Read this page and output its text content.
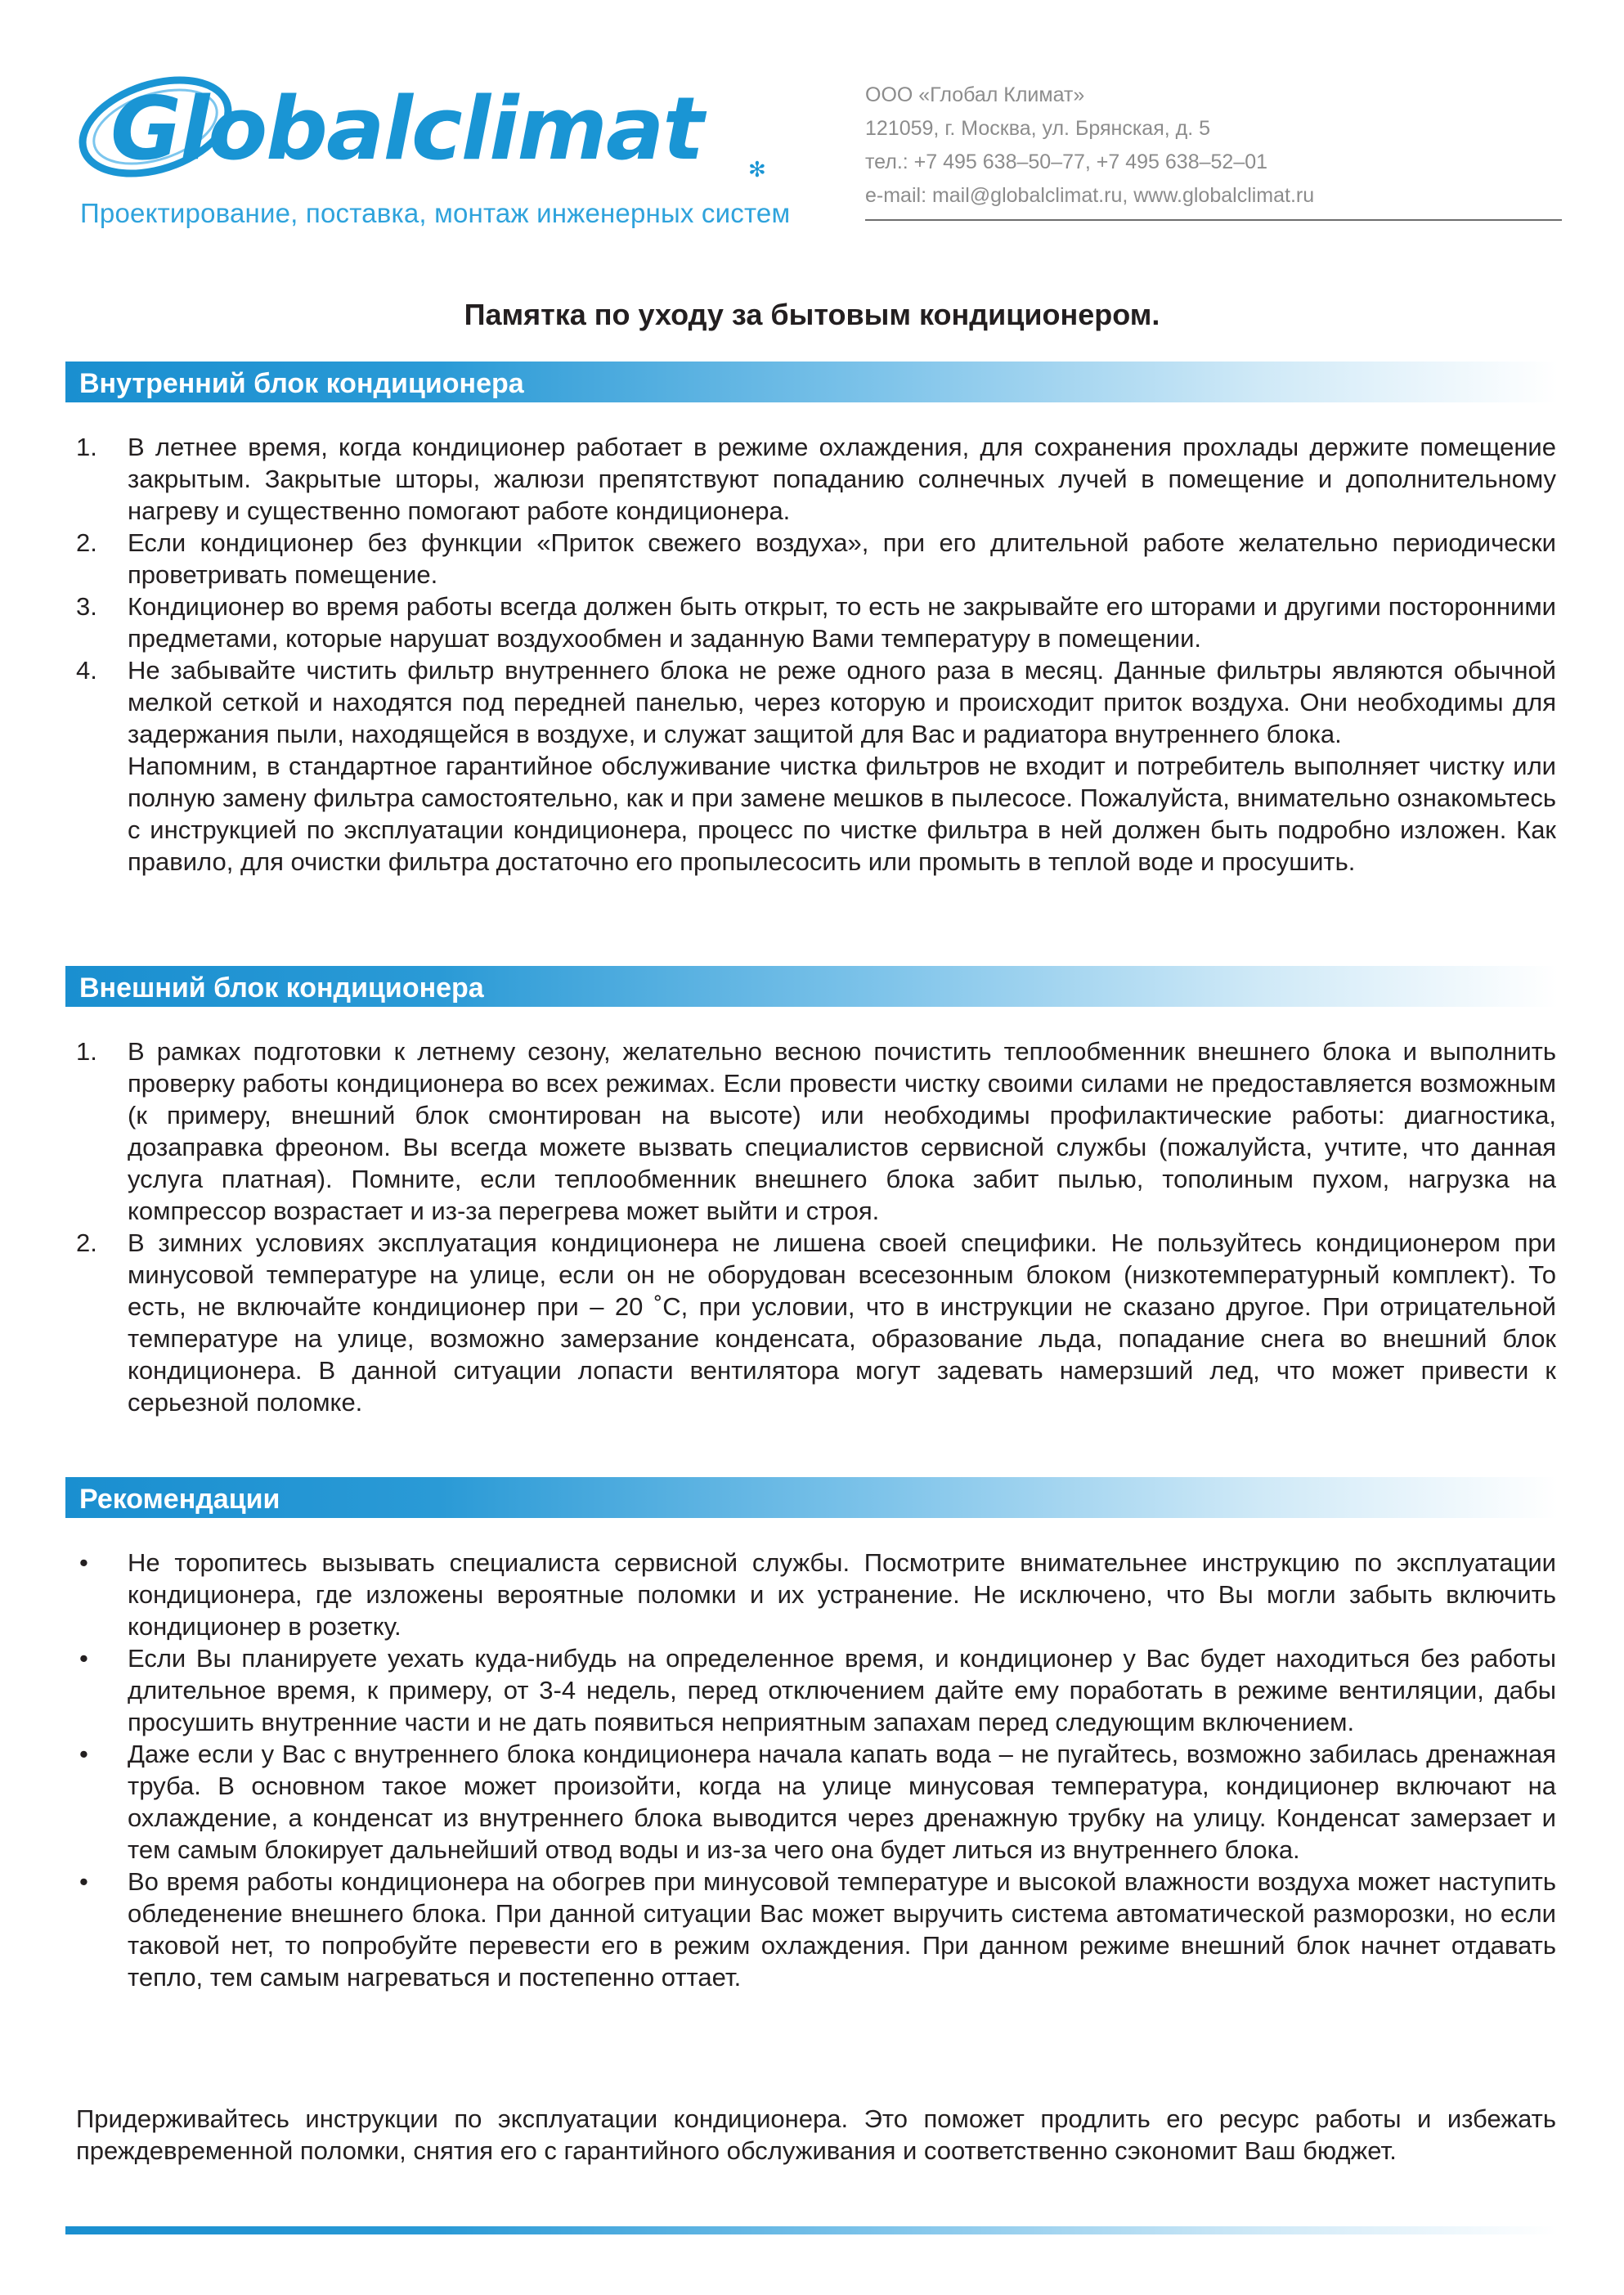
Globalclimat ✻
Проектирование, поставка, монтаж инженерных систем
ООО «Глобал Климат»
121059, г. Москва, ул. Брянская, д. 5
тел.: +7 495 638–50–77, +7 495 638–52–01
e-mail: mail@globalclimat.ru, www.globalclimat.ru
Памятка по уходу за бытовым кондиционером.
Внутренний блок кондиционера
1. В летнее время, когда кондиционер работает в режиме охлаждения, для сохранения прохлады держите помещение закрытым. Закрытые шторы, жалюзи препятствуют попаданию солнечных лучей в помещение и дополнительному нагреву и существенно помогают работе кондиционера.
2. Если кондиционер без функции «Приток свежего воздуха», при его длительной работе желательно периодически проветривать помещение.
3. Кондиционер во время работы всегда должен быть открыт, то есть не закрывайте его шторами и другими посторонними предметами, которые нарушат воздухообмен и заданную Вами температуру в помещении.
4. Не забывайте чистить фильтр внутреннего блока не реже одного раза в месяц. Данные фильтры являются обычной мелкой сеткой и находятся под передней панелью, через которую и происходит приток воздуха. Они необходимы для задержания пыли, находящейся в воздухе, и служат защитой для Вас и радиатора внутреннего блока.
Напомним, в стандартное гарантийное обслуживание чистка фильтров не входит и потребитель выполняет чистку или полную замену фильтра самостоятельно, как и при замене мешков в пылесосе. Пожалуйста, внимательно ознакомьтесь с инструкцией по эксплуатации кондиционера, процесс по чистке фильтра в ней должен быть подробно изложен. Как правило, для очистки фильтра достаточно его пропылесосить или промыть в теплой воде и просушить.
Внешний блок кондиционера
1. В рамках подготовки к летнему сезону, желательно весною почистить теплообменник внешнего блока и выполнить проверку работы кондиционера во всех режимах. Если провести чистку своими силами не предоставляется возможным (к примеру, внешний блок смонтирован на высоте) или необходимы профилактические работы: диагностика, дозаправка фреоном. Вы всегда можете вызвать специалистов сервисной службы (пожалуйста, учтите, что данная услуга платная). Помните, если теплообменник внешнего блока забит пылью, тополиным пухом, нагрузка на компрессор возрастает и из-за перегрева может выйти и строя.
2. В зимних условиях эксплуатация кондиционера не лишена своей специфики. Не пользуйтесь кондиционером при минусовой температуре на улице, если он не оборудован всесезонным блоком (низкотемпературный комплект). То есть, не включайте кондиционер при – 20 ˚С, при условии, что в инструкции не сказано другое. При отрицательной температуре на улице, возможно замерзание конденсата, образование льда, попадание снега во внешний блок кондиционера. В данной ситуации лопасти вентилятора могут задевать намерзший лед, что может привести к серьезной поломке.
Рекомендации
• Не торопитесь вызывать специалиста сервисной службы. Посмотрите внимательнее инструкцию по эксплуатации кондиционера, где изложены вероятные поломки и их устранение. Не исключено, что Вы могли забыть включить кондиционер в розетку.
• Если Вы планируете уехать куда-нибудь на определенное время, и кондиционер у Вас будет находиться без работы длительное время, к примеру, от 3-4 недель, перед отключением дайте ему поработать в режиме вентиляции, дабы просушить внутренние части и не дать появиться неприятным запахам перед следующим включением.
• Даже если у Вас с внутреннего блока кондиционера начала капать вода – не пугайтесь, возможно забилась дренажная труба. В основном такое может произойти, когда на улице минусовая температура, кондиционер включают на охлаждение, а конденсат из внутреннего блока выводится через дренажную трубку на улицу. Конденсат замерзает и тем самым блокирует дальнейший отвод воды и из-за чего она будет литься из внутреннего блока.
• Во время работы кондиционера на обогрев при минусовой температуре и высокой влажности воздуха может наступить обледенение внешнего блока. При данной ситуации Вас может выручить система автоматической разморозки, но если таковой нет, то попробуйте перевести его в режим охлаждения. При данном режиме внешний блок начнет отдавать тепло, тем самым нагреваться и постепенно оттает.
Придерживайтесь инструкции по эксплуатации кондиционера. Это поможет продлить его ресурс работы и избежать преждевременной поломки, снятия его с гарантийного обслуживания и соответственно сэкономит Ваш бюджет.
